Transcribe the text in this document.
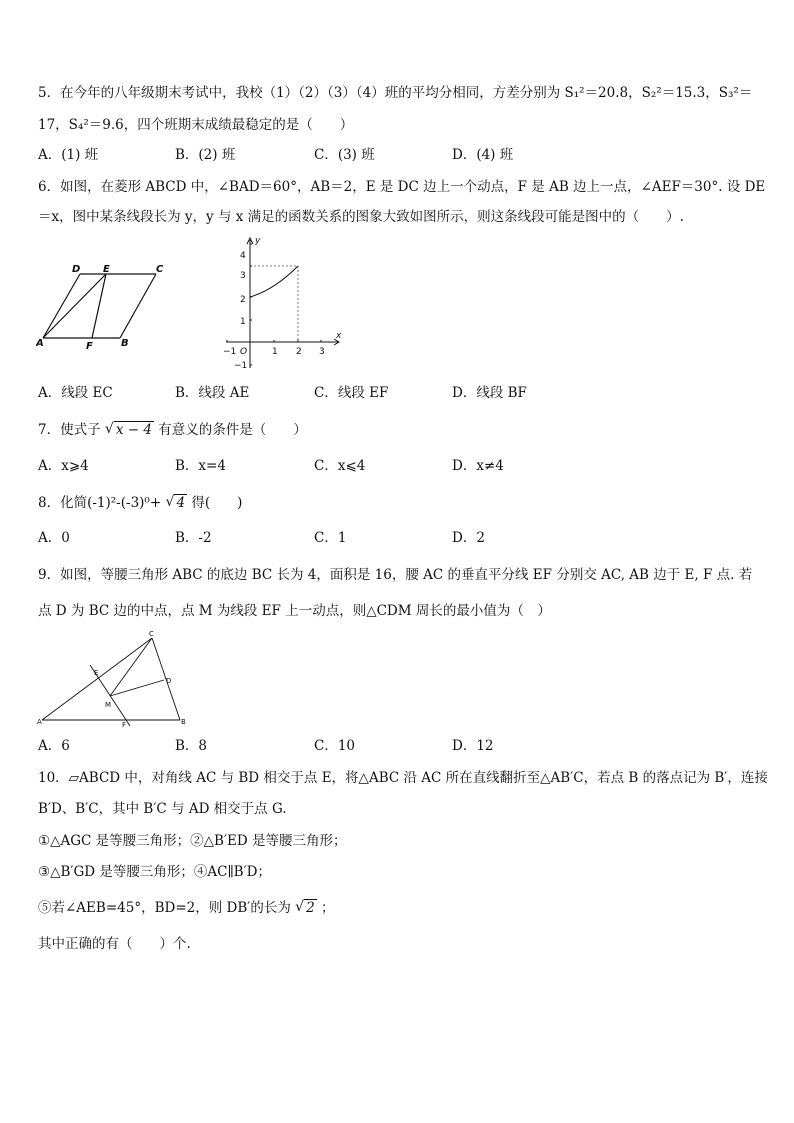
5．在今年的八年级期末考试中，我校（1）（2）（3）（4）班的平均分相同，方差分别为 S₁²＝20.8，S₂²＝15.3，S₃²＝
17，S₄²＝9.6，四个班期末成绩最稳定的是（　　）
A．(1) 班	B．(2) 班	C．(3) 班	D．(4) 班
6．如图，在菱形 ABCD 中，∠BAD＝60°，AB＝2，E 是 DC 边上一个动点，F 是 AB 边上一点，∠AEF＝30°. 设 DE
＝x，图中某条线段长为 y，y 与 x 满足的函数关系的图象大致如图所示，则这条线段可能是图中的（　　）.
D E	C
A	F	B
y
x
O
−1	1 2 3
4
3
2
1
−1
A．线段 EC	B．线段 AE	C．线段 EF	D．线段 BF
7．使式子 √ x − 4 有意义的条件是（　　）
A．x⩾4	B．x=4	C．x⩽4	D．x≠4
8．化简(-1)²-(-3)⁰+ √ 4 得(　　)
A．0	B．-2	C．1	D．2
9．如图，等腰三角形 ABC 的底边 BC 长为 4，面积是 16，腰 AC 的垂直平分线 EF 分别交 AC, AB 边于 E, F 点. 若
点 D 为 BC 边的中点，点 M 为线段 EF 上一动点，则△CDM 周长的最小值为（　）
C
E
D
M
A	F	B
A．6	B．8	C．10	D．12
10．▱ABCD 中，对角线 AC 与 BD 相交于点 E，将△ABC 沿 AC 所在直线翻折至△AB′C，若点 B 的落点记为 B′，连接
B′D、B′C，其中 B′C 与 AD 相交于点 G.
①△AGC 是等腰三角形；②△B′ED 是等腰三角形；
③△B′GD 是等腰三角形；④AC∥B′D；
⑤若∠AEB=45°，BD=2，则 DB′的长为 √ 2 ；
其中正确的有（　　）个.
